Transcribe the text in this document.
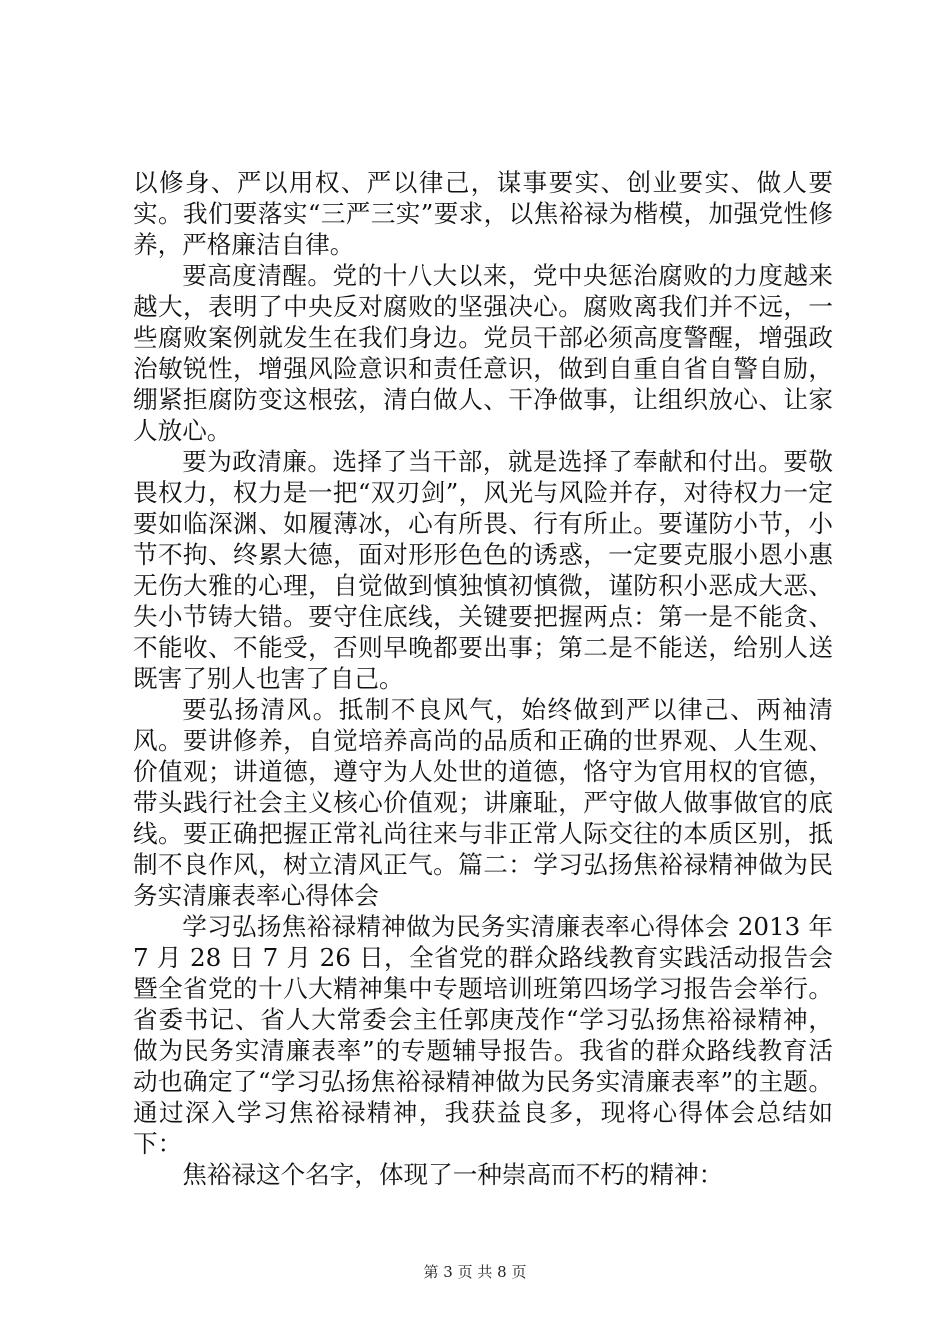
以修身、严以用权、严以律己，谋事要实、创业要实、做人要实。我们要落实“三严三实”要求，以焦裕禄为楷模，加强党性修养，严格廉洁自律。

要高度清醒。党的十八大以来，党中央惩治腐败的力度越来越大，表明了中央反对腐败的坚强决心。腐败离我们并不远，一些腐败案例就发生在我们身边。党员干部必须高度警醒，增强政治敏锐性，增强风险意识和责任意识，做到自重自省自警自励，绷紧拒腐防变这根弦，清白做人、干净做事，让组织放心、让家人放心。

要为政清廉。选择了当干部，就是选择了奉献和付出。要敬畏权力，权力是一把“双刃剑”，风光与风险并存，对待权力一定要如临深渊、如履薄冰，心有所畏、行有所止。要谨防小节，小节不拘、终累大德，面对形形色色的诱惑，一定要克服小恩小惠无伤大雅的心理，自觉做到慎独慎初慎微，谨防积小恶成大恶、失小节铸大错。要守住底线，关键要把握两点：第一是不能贪、不能收、不能受，否则早晚都要出事；第二是不能送，给别人送既害了别人也害了自己。

要弘扬清风。抵制不良风气，始终做到严以律己、两袖清风。要讲修养，自觉培养高尚的品质和正确的世界观、人生观、价值观；讲道德，遵守为人处世的道德，恪守为官用权的官德，带头践行社会主义核心价值观；讲廉耻，严守做人做事做官的底线。要正确把握正常礼尚往来与非正常人际交往的本质区别，抵制不良作风，树立清风正气。篇二：学习弘扬焦裕禄精神做为民务实清廉表率心得体会

学习弘扬焦裕禄精神做为民务实清廉表率心得体会 2013 年 7 月 28 日 7 月 26 日，全省党的群众路线教育实践活动报告会暨全省党的十八大精神集中专题培训班第四场学习报告会举行。省委书记、省人大常委会主任郭庚茂作“学习弘扬焦裕禄精神，做为民务实清廉表率”的专题辅导报告。我省的群众路线教育活动也确定了“学习弘扬焦裕禄精神做为民务实清廉表率”的主题。通过深入学习焦裕禄精神，我获益良多，现将心得体会总结如下：

焦裕禄这个名字，体现了一种崇高而不朽的精神：

第 3 页 共 8 页
